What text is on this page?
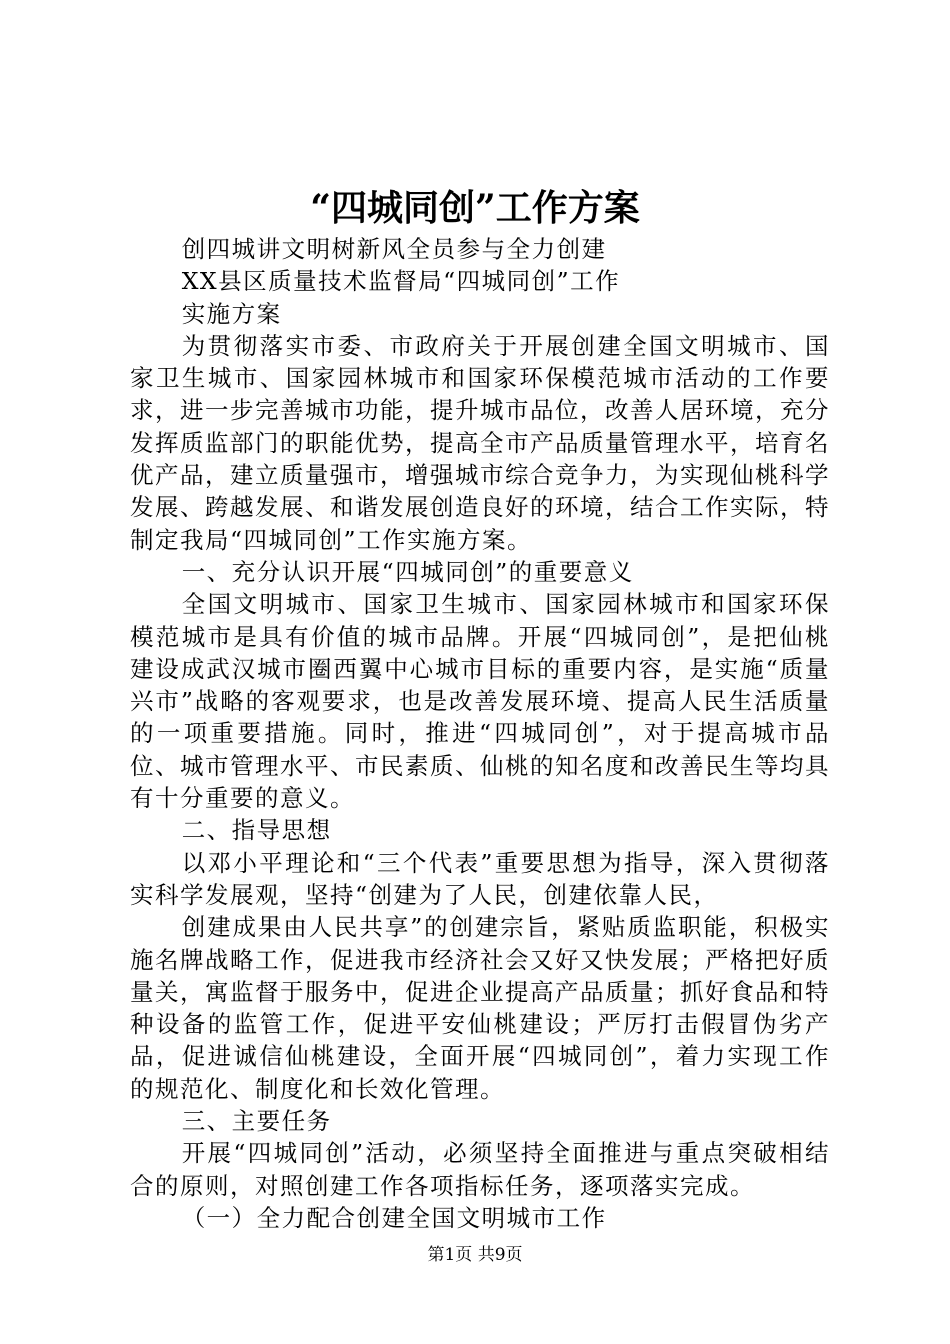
“四城同创”工作方案

创四城讲文明树新风全员参与全力创建

XX县区质量技术监督局“四城同创”工作

实施方案

为贯彻落实市委、市政府关于开展创建全国文明城市、国家卫生城市、国家园林城市和国家环保模范城市活动的工作要求，进一步完善城市功能，提升城市品位，改善人居环境，充分发挥质监部门的职能优势，提高全市产品质量管理水平，培育名优产品，建立质量强市，增强城市综合竞争力，为实现仙桃科学发展、跨越发展、和谐发展创造良好的环境，结合工作实际，特制定我局“四城同创”工作实施方案。

一、充分认识开展“四城同创”的重要意义

全国文明城市、国家卫生城市、国家园林城市和国家环保模范城市是具有价值的城市品牌。开展“四城同创”，是把仙桃建设成武汉城市圈西翼中心城市目标的重要内容，是实施“质量兴市”战略的客观要求，也是改善发展环境、提高人民生活质量的一项重要措施。同时，推进“四城同创”，对于提高城市品位、城市管理水平、市民素质、仙桃的知名度和改善民生等均具有十分重要的意义。

二、指导思想

以邓小平理论和“三个代表”重要思想为指导，深入贯彻落实科学发展观，坚持“创建为了人民，创建依靠人民，

创建成果由人民共享”的创建宗旨，紧贴质监职能，积极实施名牌战略工作，促进我市经济社会又好又快发展；严格把好质量关，寓监督于服务中，促进企业提高产品质量；抓好食品和特种设备的监管工作，促进平安仙桃建设；严厉打击假冒伪劣产品，促进诚信仙桃建设，全面开展“四城同创”，着力实现工作的规范化、制度化和长效化管理。

三、主要任务

开展“四城同创”活动，必须坚持全面推进与重点突破相结合的原则，对照创建工作各项指标任务，逐项落实完成。

（一）全力配合创建全国文明城市工作

第1页 共9页
